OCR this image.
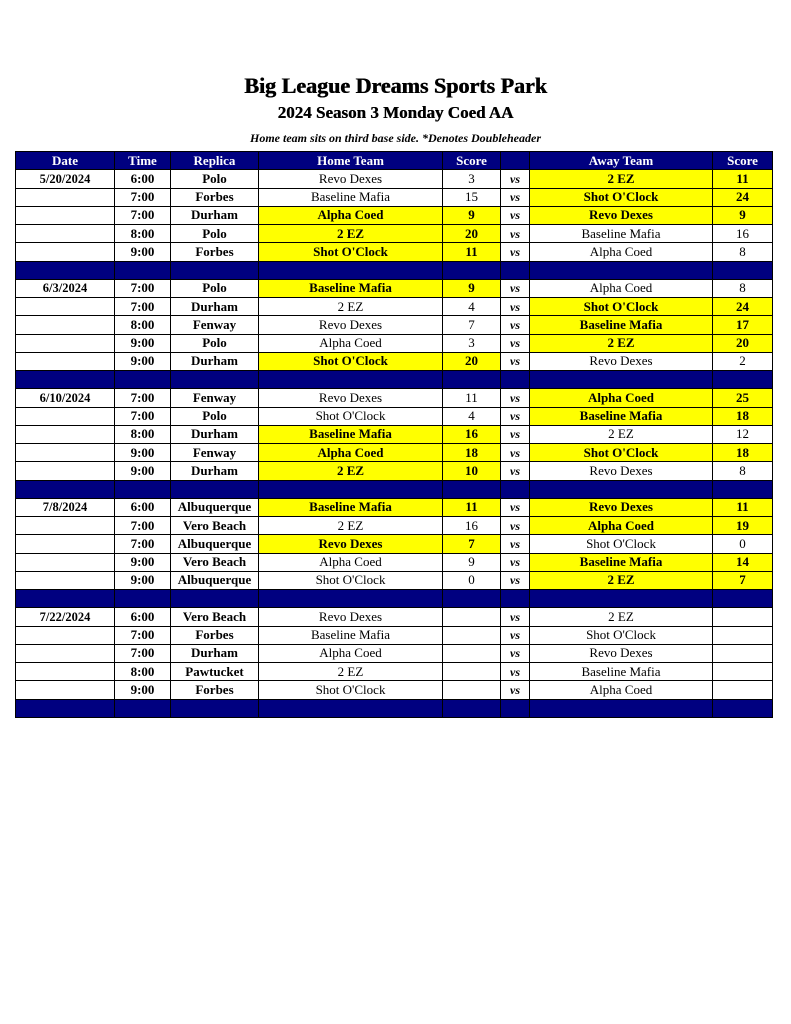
Big League Dreams Sports Park
2024 Season 3 Monday Coed AA
Home team sits on third base side. *Denotes Doubleheader
Date	Time	Replica	Home Team	Score		Away Team	Score
5/20/2024	6:00	Polo	Revo Dexes	3	vs	2 EZ	11
	7:00	Forbes	Baseline Mafia	15	vs	Shot O'Clock	24
	7:00	Durham	Alpha Coed	9	vs	Revo Dexes	9
	8:00	Polo	2 EZ	20	vs	Baseline Mafia	16
	9:00	Forbes	Shot O'Clock	11	vs	Alpha Coed	8

6/3/2024	7:00	Polo	Baseline Mafia	9	vs	Alpha Coed	8
	7:00	Durham	2 EZ	4	vs	Shot O'Clock	24
	8:00	Fenway	Revo Dexes	7	vs	Baseline Mafia	17
	9:00	Polo	Alpha Coed	3	vs	2 EZ	20
	9:00	Durham	Shot O'Clock	20	vs	Revo Dexes	2

6/10/2024	7:00	Fenway	Revo Dexes	11	vs	Alpha Coed	25
	7:00	Polo	Shot O'Clock	4	vs	Baseline Mafia	18
	8:00	Durham	Baseline Mafia	16	vs	2 EZ	12
	9:00	Fenway	Alpha Coed	18	vs	Shot O'Clock	18
	9:00	Durham	2 EZ	10	vs	Revo Dexes	8

7/8/2024	6:00	Albuquerque	Baseline Mafia	11	vs	Revo Dexes	11
	7:00	Vero Beach	2 EZ	16	vs	Alpha Coed	19
	7:00	Albuquerque	Revo Dexes	7	vs	Shot O'Clock	0
	9:00	Vero Beach	Alpha Coed	9	vs	Baseline Mafia	14
	9:00	Albuquerque	Shot O'Clock	0	vs	2 EZ	7

7/22/2024	6:00	Vero Beach	Revo Dexes		vs	2 EZ	
	7:00	Forbes	Baseline Mafia		vs	Shot O'Clock	
	7:00	Durham	Alpha Coed		vs	Revo Dexes	
	8:00	Pawtucket	2 EZ		vs	Baseline Mafia	
	9:00	Forbes	Shot O'Clock		vs	Alpha Coed	
